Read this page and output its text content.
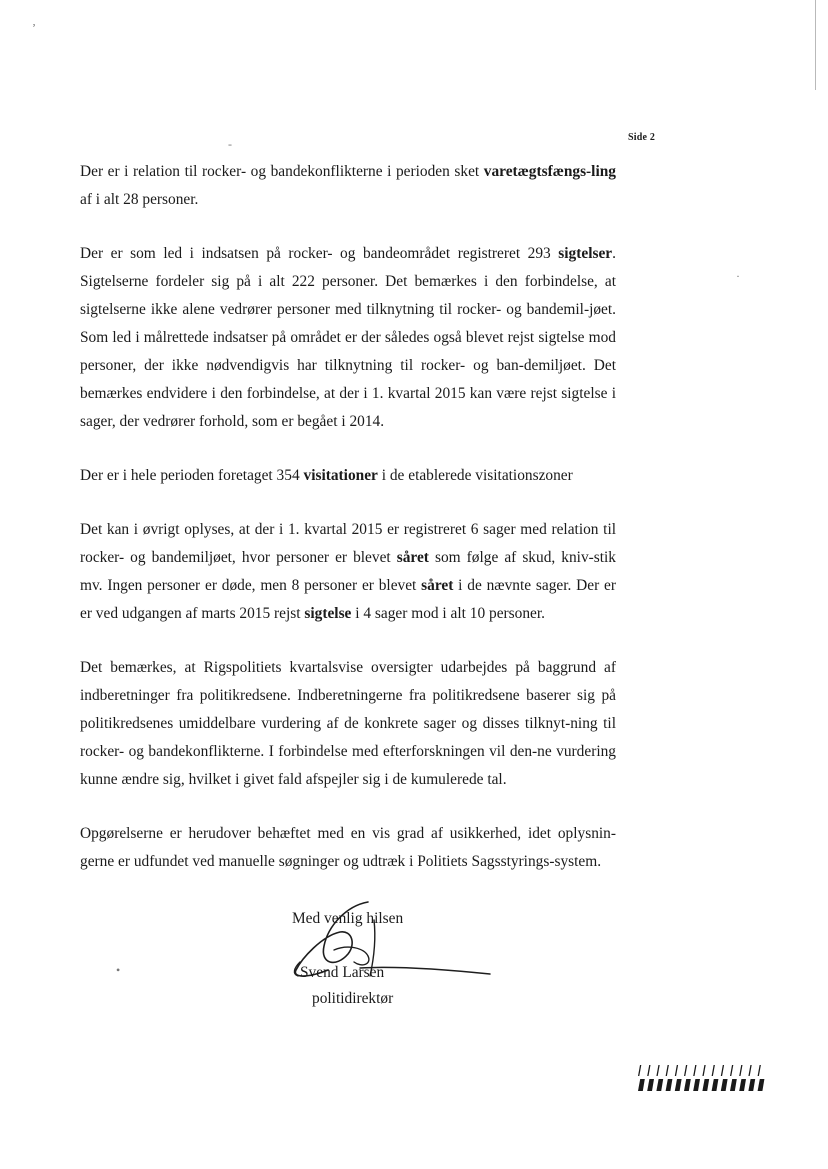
ʼ
-
·
•
Side 2

Der er i relation til rocker- og bandekonflikterne i perioden sket varetægtsfængs-ling af i alt 28 personer.

Der er som led i indsatsen på rocker- og bandeområdet registreret 293 sigtelser. Sigtelserne fordeler sig på i alt 222 personer. Det bemærkes i den forbindelse, at sigtelserne ikke alene vedrører personer med tilknytning til rocker- og bandemil-jøet. Som led i målrettede indsatser på området er der således også blevet rejst sigtelse mod personer, der ikke nødvendigvis har tilknytning til rocker- og ban-demiljøet. Det bemærkes endvidere i den forbindelse, at der i 1. kvartal 2015 kan være rejst sigtelse i sager, der vedrører forhold, som er begået i 2014.

Der er i hele perioden foretaget 354 visitationer i de etablerede visitationszoner

Det kan i øvrigt oplyses, at der i 1. kvartal 2015 er registreret 6 sager med relation til rocker- og bandemiljøet, hvor personer er blevet såret som følge af skud, kniv-stik mv. Ingen personer er døde, men 8 personer er blevet såret i de nævnte sager. Der er er ved udgangen af marts 2015 rejst sigtelse i 4 sager mod i alt 10 personer.

Det bemærkes, at Rigspolitiets kvartalsvise oversigter udarbejdes på baggrund af indberetninger fra politikredsene. Indberetningerne fra politikredsene baserer sig på politikredsenes umiddelbare vurdering af de konkrete sager og disses tilknyt-ning til rocker- og bandekonflikterne. I forbindelse med efterforskningen vil den-ne vurdering kunne ændre sig, hvilket i givet fald afspejler sig i de kumulerede tal.

Opgørelserne er herudover behæftet med en vis grad af usikkerhed, idet oplysnin-gerne er udfundet ved manuelle søgninger og udtræk i Politiets Sagsstyrings-system.

Med venlig hilsen
Svend Larsen
politidirektør
